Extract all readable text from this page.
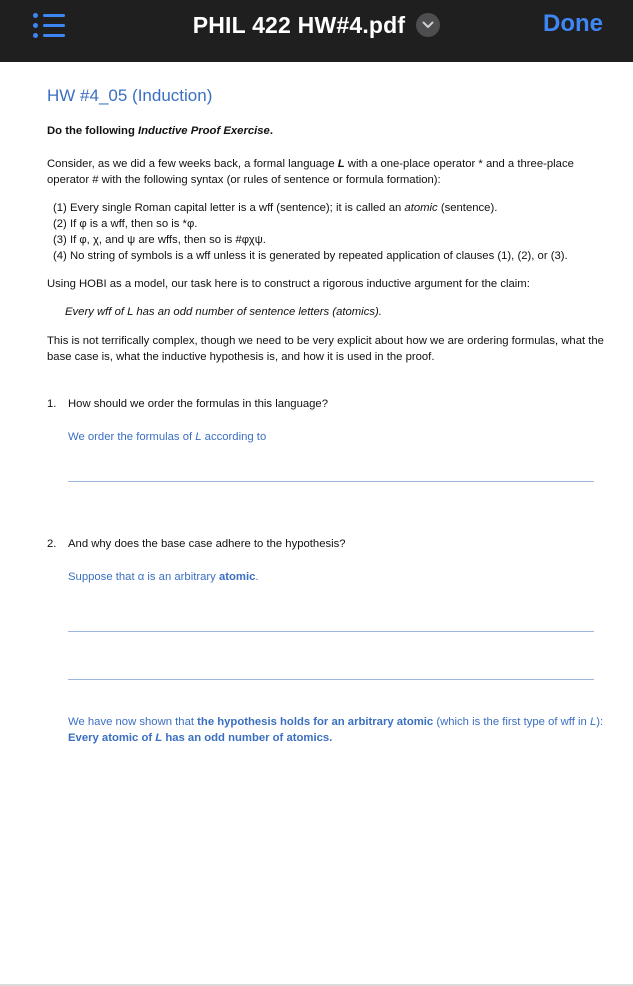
PHIL 422 HW#4.pdf	Done
HW #4_05 (Induction)
Do the following Inductive Proof Exercise.
Consider, as we did a few weeks back, a formal language L with a one-place operator * and a three-place operator # with the following syntax (or rules of sentence or formula formation):
(1) Every single Roman capital letter is a wff (sentence); it is called an atomic (sentence).
(2) If φ is a wff, then so is *φ.
(3) If φ, χ, and ψ are wffs, then so is #φχψ.
(4) No string of symbols is a wff unless it is generated by repeated application of clauses (1), (2), or (3).
Using HOBI as a model, our task here is to construct a rigorous inductive argument for the claim:
Every wff of L has an odd number of sentence letters (atomics).
This is not terrifically complex, though we need to be very explicit about how we are ordering formulas, what the base case is, what the inductive hypothesis is, and how it is used in the proof.
1.	How should we order the formulas in this language?
We order the formulas of L according to
2.	And why does the base case adhere to the hypothesis?
Suppose that α is an arbitrary atomic.
We have now shown that the hypothesis holds for an arbitrary atomic (which is the first type of wff in L): Every atomic of L has an odd number of atomics.
